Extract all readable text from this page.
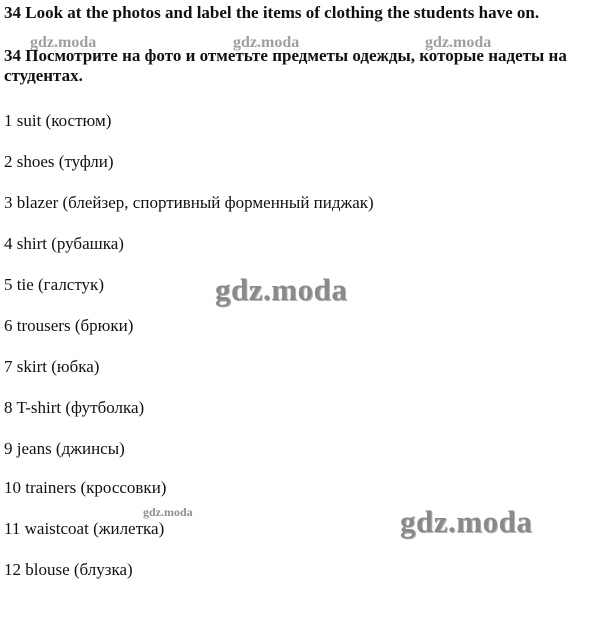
34 Look at the photos and label the items of clothing the students have on.

gdz.moda	gdz.moda	gdz.moda

34 Посмотрите на фото и отметьте предметы одежды, которые надеты на студентах.

1 suit (костюм)

2 shoes (туфли)

3 blazer (блейзер, спортивный форменный пиджак)

4 shirt (рубашка)

5 tie (галстук)

6 trousers (брюки)

7 skirt (юбка)

8 T-shirt (футболка)

9 jeans (джинсы)

10 trainers (кроссовки)

11 waistcoat (жилетка)

12 blouse (блузка)

gdz.moda
gdz.moda	gdz.moda
